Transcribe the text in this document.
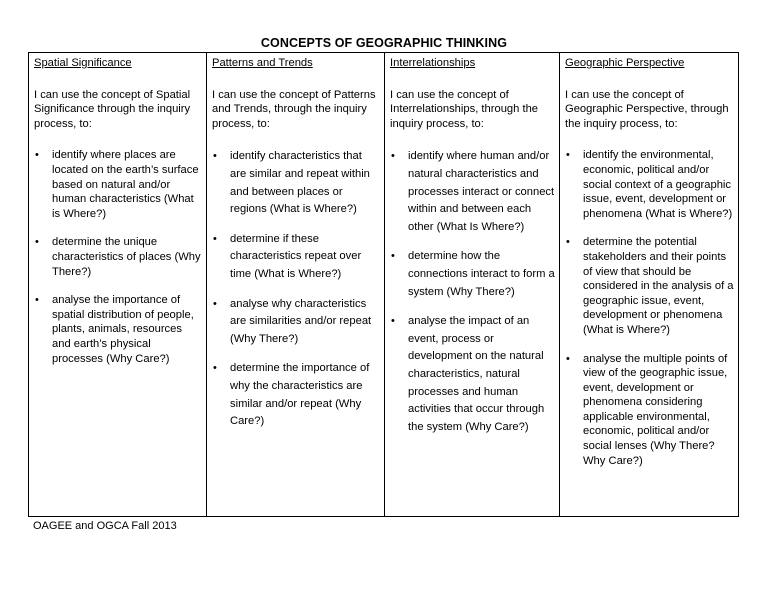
CONCEPTS OF GEOGRAPHIC THINKING
Spatial Significance
I can use the concept of Spatial Significance through the inquiry process, to:
• identify where places are located on the earth’s surface based on natural and/or human characteristics (What is Where?)
• determine the unique characteristics of places (Why There?)
• analyse the importance of spatial distribution of people, plants, animals, resources and earth’s physical processes (Why Care?)
Patterns and Trends
I can use the concept of Patterns and Trends, through the inquiry process, to:
• identify characteristics that are similar and repeat within and between places or regions (What is Where?)
• determine if these characteristics repeat over time (What is Where?)
• analyse why characteristics are similarities and/or repeat (Why There?)
• determine the importance of why the characteristics are similar and/or repeat (Why Care?)
Interrelationships
I can use the concept of Interrelationships, through the inquiry process, to:
• identify where human and/or natural characteristics and processes interact or connect within and between each other (What Is Where?)
• determine how the connections interact to form a system (Why There?)
• analyse the impact of an event, process or development on the natural characteristics, natural processes and human activities that occur through the system (Why Care?)
Geographic Perspective
I can use the concept of Geographic Perspective, through the inquiry process, to:
• identify the environmental, economic, political and/or social context of a geographic issue, event, development or phenomena (What is Where?)
• determine the potential stakeholders and their points of view that should be considered in the analysis of a geographic issue, event, development or phenomena (What is Where?)
• analyse the multiple points of view of the geographic issue, event, development or phenomena considering applicable environmental, economic, political and/or social lenses (Why There? Why Care?)
OAGEE and OGCA Fall 2013
